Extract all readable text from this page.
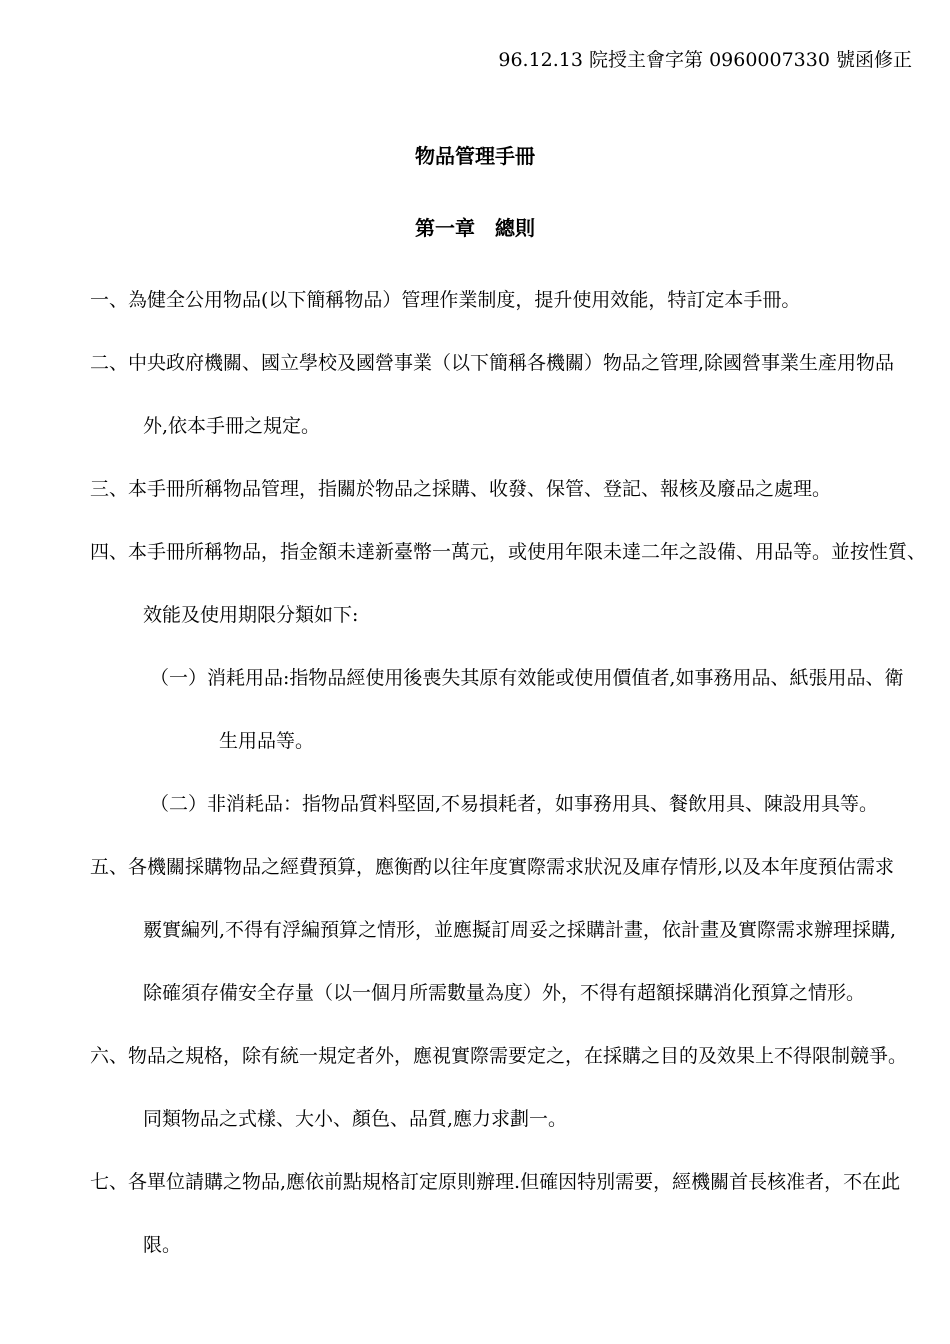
96.12.13 院授主會字第 0960007330 號函修正
物品管理手冊
第一章　總則
一、為健全公用物品(以下簡稱物品）管理作業制度，提升使用效能，特訂定本手冊。
二、中央政府機關、國立學校及國營事業（以下簡稱各機關）物品之管理,除國營事業生產用物品
外,依本手冊之規定。
三、本手冊所稱物品管理，指關於物品之採購、收發、保管、登記、報核及廢品之處理。
四、本手冊所稱物品，指金額未達新臺幣一萬元，或使用年限未達二年之設備、用品等。並按性質、
效能及使用期限分類如下:
（一）消耗用品:指物品經使用後喪失其原有效能或使用價值者,如事務用品、紙張用品、衛
生用品等。
（二）非消耗品：指物品質料堅固,不易損耗者，如事務用具、餐飲用具、陳設用具等。
五、各機關採購物品之經費預算，應衡酌以往年度實際需求狀況及庫存情形,以及本年度預估需求
覈實編列,不得有浮編預算之情形，並應擬訂周妥之採購計畫，依計畫及實際需求辦理採購,
除確須存備安全存量（以一個月所需數量為度）外，不得有超額採購消化預算之情形。
六、物品之規格，除有統一規定者外，應視實際需要定之，在採購之目的及效果上不得限制競爭。
同類物品之式樣、大小、顏色、品質,應力求劃一。
七、各單位請購之物品,應依前點規格訂定原則辦理.但確因特別需要，經機關首長核准者，不在此
限。
